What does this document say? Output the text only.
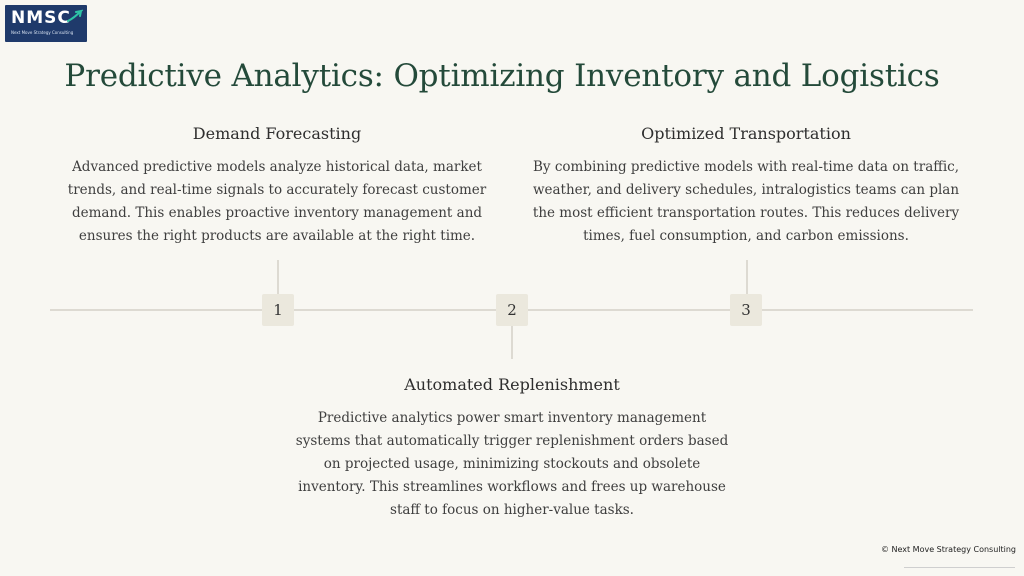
NMSC
Next Move Strategy Consulting
Predictive Analytics: Optimizing Inventory and Logistics
Demand Forecasting

Advanced predictive models analyze historical data, market trends, and real-time signals to accurately forecast customer demand. This enables proactive inventory management and ensures the right products are available at the right time.

Optimized Transportation

By combining predictive models with real-time data on traffic, weather, and delivery schedules, intralogistics teams can plan the most efficient transportation routes. This reduces delivery times, fuel consumption, and carbon emissions.

1	2	3
Automated Replenishment

Predictive analytics power smart inventory management systems that automatically trigger replenishment orders based on projected usage, minimizing stockouts and obsolete inventory. This streamlines workflows and frees up warehouse staff to focus on higher-value tasks.

© Next Move Strategy Consulting
